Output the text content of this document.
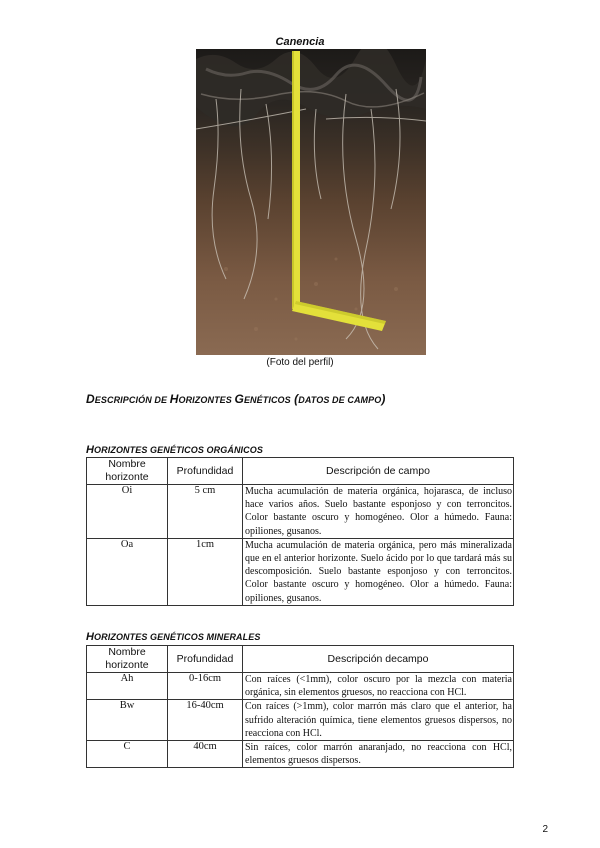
Canencia
(Foto del perfil)
DESCRIPCIÓN DE HORIZONTES GENÉTICOS (DATOS DE CAMPO)
HORIZONTES GENÉTICOS ORGÁNICOS
Nombre horizonte	Profundidad	Descripción de campo
Oi	5 cm	Mucha acumulación de materia orgánica, hojarasca, de incluso hace varios años. Suelo bastante esponjoso y con terroncitos. Color bastante oscuro y homogéneo. Olor a húmedo. Fauna: opiliones, gusanos.
Oa	1cm	Mucha acumulación de materia orgánica, pero más mineralizada que en el anterior horizonte. Suelo ácido por lo que tardará más su descomposición. Suelo bastante esponjoso y con terroncitos. Color bastante oscuro y homogéneo. Olor a húmedo. Fauna: opiliones, gusanos.
HORIZONTES GENÉTICOS MINERALES
Nombre horizonte	Profundidad	Descripción decampo
Ah	0-16cm	Con raíces (<1mm), color oscuro por la mezcla con materia orgánica, sin elementos gruesos, no reacciona con HCl.
Bw	16-40cm	Con raíces (>1mm), color marrón más claro que el anterior, ha sufrido alteración química, tiene elementos gruesos dispersos, no reacciona con HCl.
C	40cm	Sin raíces, color marrón anaranjado, no reacciona con HCl, elementos gruesos dispersos.
2
